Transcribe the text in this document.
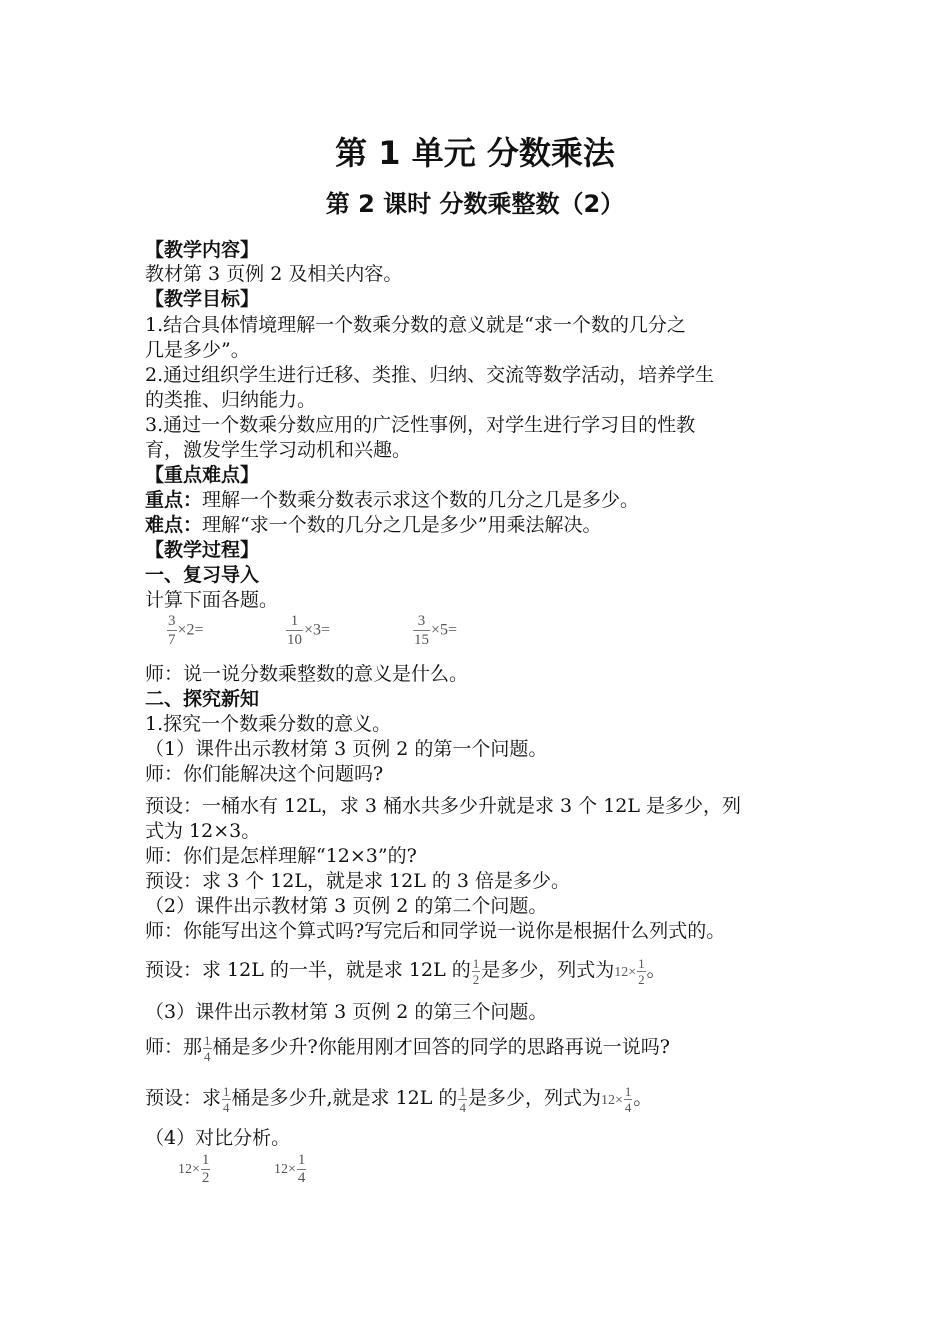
第 1 单元 分数乘法
第 2 课时 分数乘整数（2）
【教学内容】
教材第 3 页例 2 及相关内容。
【教学目标】
1.结合具体情境理解一个数乘分数的意义就是“求一个数的几分之
几是多少”。
2.通过组织学生进行迁移、类推、归纳、交流等数学活动，培养学生
的类推、归纳能力。
3.通过一个数乘分数应用的广泛性事例，对学生进行学习目的性教
育，激发学生学习动机和兴趣。
【重点难点】
重点：理解一个数乘分数表示求这个数的几分之几是多少。
难点：理解“求一个数的几分之几是多少”用乘法解决。
【教学过程】
一、复习导入
计算下面各题。
$\frac{3}{7} \times 2=$	$\frac{1}{10} \times 3=$	$\frac{3}{15} \times 5=$
师：说一说分数乘整数的意义是什么。
二、探究新知
1.探究一个数乘分数的意义。
（1）课件出示教材第 3 页例 2 的第一个问题。
师：你们能解决这个问题吗?
预设：一桶水有 12L，求 3 桶水共多少升就是求 3 个 12L 是多少，列
式为 12×3。
师：你们是怎样理解“12×3”的?
预设：求 3 个 12L，就是求 12L 的 3 倍是多少。
（2）课件出示教材第 3 页例 2 的第二个问题。
师：你能写出这个算式吗?写完后和同学说一说你是根据什么列式的。
预设：求 12L 的一半，就是求 12L 的 $\frac{1}{2}$ 是多少，列式为$12\times \frac{1}{2}$ 。
（3）课件出示教材第 3 页例 2 的第三个问题。
师：那 $\frac{1}{4}$ 桶是多少升?你能用刚才回答的同学的思路再说一说吗?
预设：求 $\frac{1}{4}$ 桶是多少升,就是求 12L 的 $\frac{1}{4}$ 是多少，列式为$12\times \frac{1}{4}$ 。
（4）对比分析。
$12\times \frac{1}{2}$	$12\times \frac{1}{4}$
